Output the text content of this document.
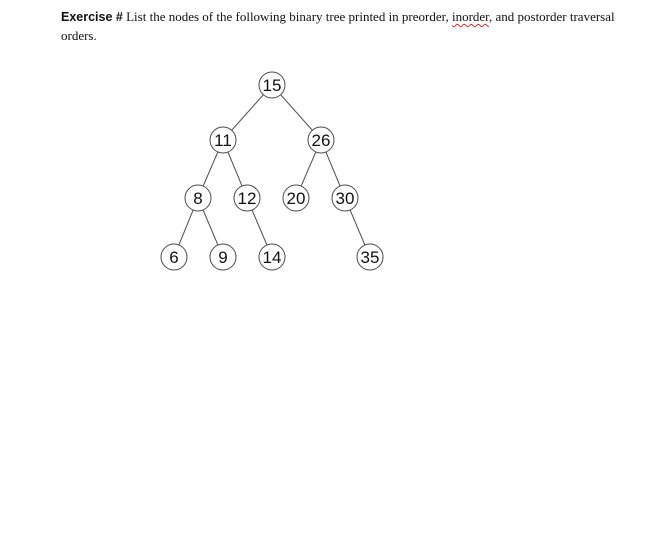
Exercise # List the nodes of the following binary tree printed in preorder, inorder, and postorder traversal orders.
15
11	26
8 12 20 30
6 9 14	35
